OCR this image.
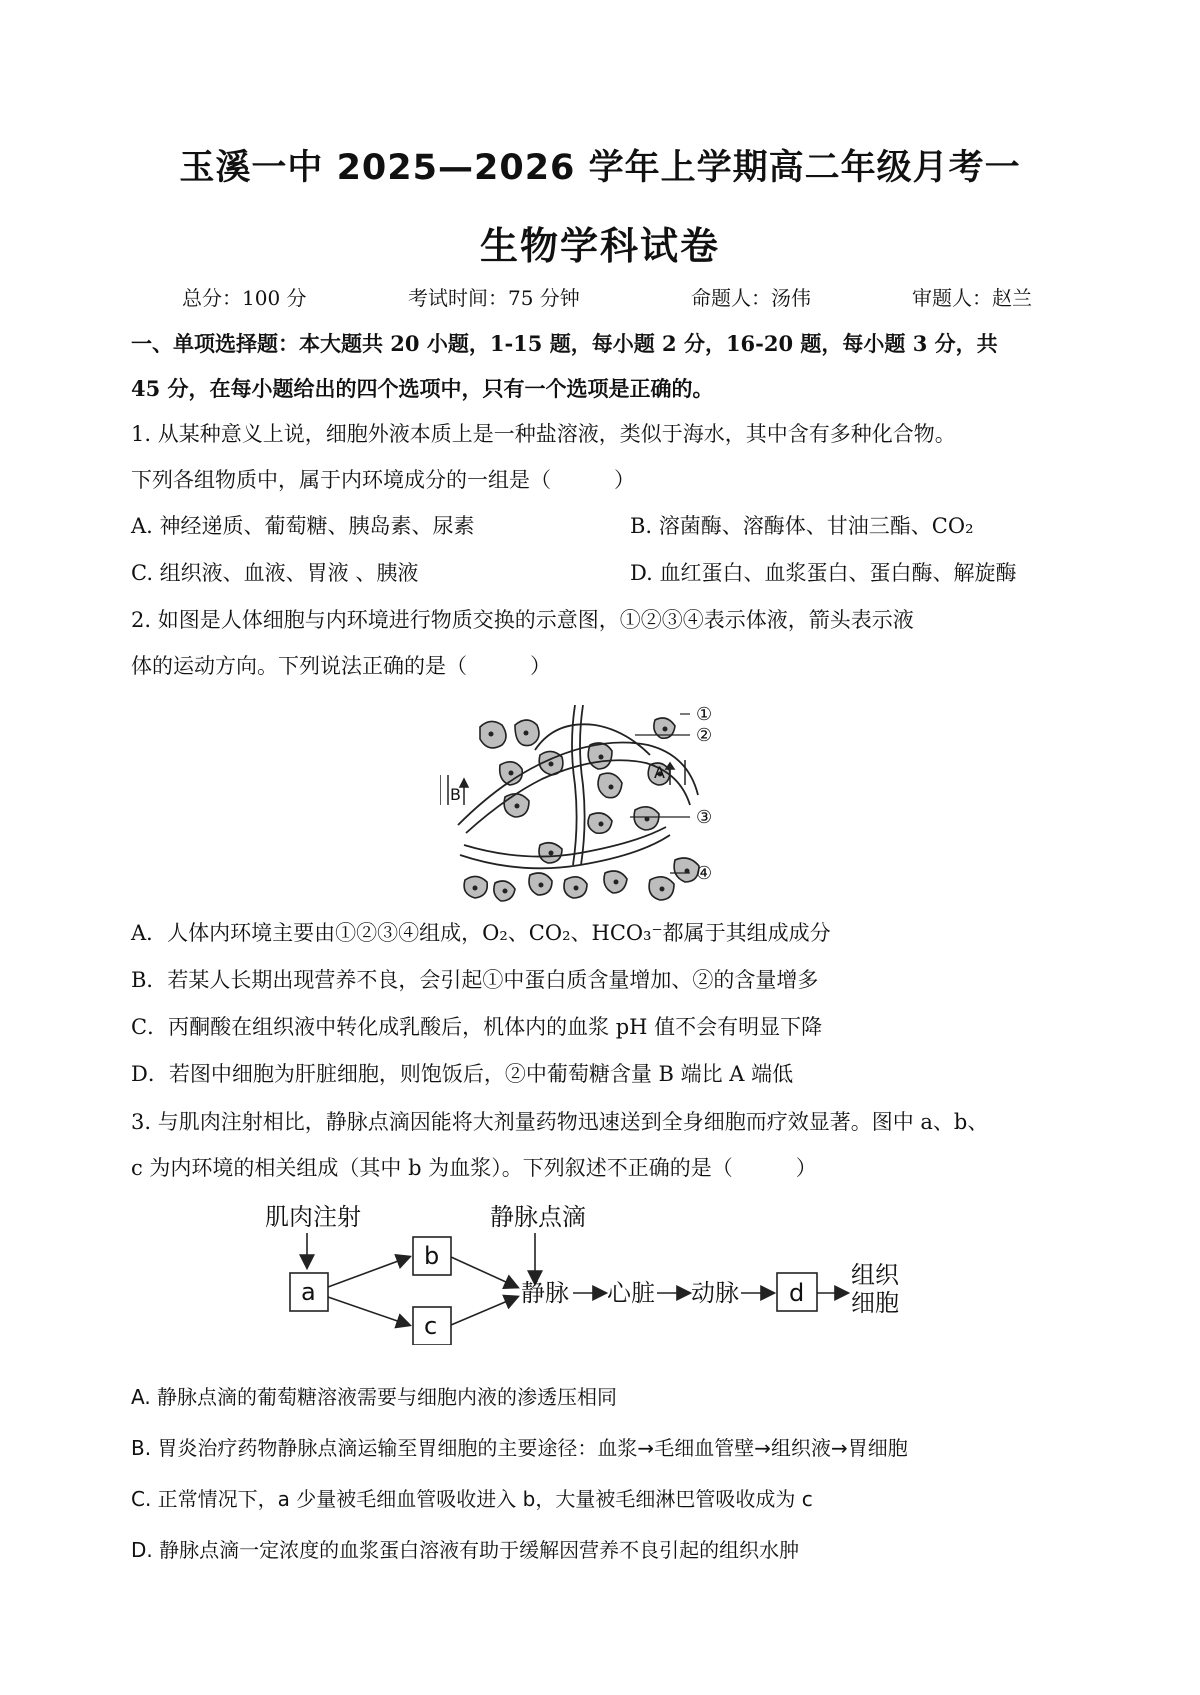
玉溪一中 2025—2026 学年上学期高二年级月考一
生物学科试卷
总分：100 分	考试时间：75 分钟	命题人：汤伟	审题人：赵兰
一、单项选择题：本大题共 20 小题，1-15 题，每小题 2 分，16-20 题，每小题 3 分，共
45 分，在每小题给出的四个选项中，只有一个选项是正确的。
1. 从某种意义上说，细胞外液本质上是一种盐溶液，类似于海水，其中含有多种化合物。
下列各组物质中，属于内环境成分的一组是（　　　）
A. 神经递质、葡萄糖、胰岛素、尿素	B. 溶菌酶、溶酶体、甘油三酯、CO₂
C. 组织液、血液、胃液 、胰液	D. 血红蛋白、血浆蛋白、蛋白酶、解旋酶
2. 如图是人体细胞与内环境进行物质交换的示意图，①②③④表示体液，箭头表示液
体的运动方向。下列说法正确的是（　　　）
A
B
①
②
③
④
A．人体内环境主要由①②③④组成，O₂、CO₂、HCO₃⁻都属于其组成成分
B．若某人长期出现营养不良，会引起①中蛋白质含量增加、②的含量增多
C．丙酮酸在组织液中转化成乳酸后，机体内的血浆 pH 值不会有明显下降
D．若图中细胞为肝脏细胞，则饱饭后，②中葡萄糖含量 B 端比 A 端低
3. 与肌肉注射相比，静脉点滴因能将大剂量药物迅速送到全身细胞而疗效显著。图中 a、b、
c 为内环境的相关组成（其中 b 为血浆）。下列叙述不正确的是（　　　）
肌肉注射	静脉点滴
a
b
c
静脉 心脏 动脉 d
组织
细胞
A. 静脉点滴的葡萄糖溶液需要与细胞内液的渗透压相同
B. 胃炎治疗药物静脉点滴运输至胃细胞的主要途径：血浆→毛细血管壁→组织液→胃细胞
C. 正常情况下，a 少量被毛细血管吸收进入 b，大量被毛细淋巴管吸收成为 c
D. 静脉点滴一定浓度的血浆蛋白溶液有助于缓解因营养不良引起的组织水肿
